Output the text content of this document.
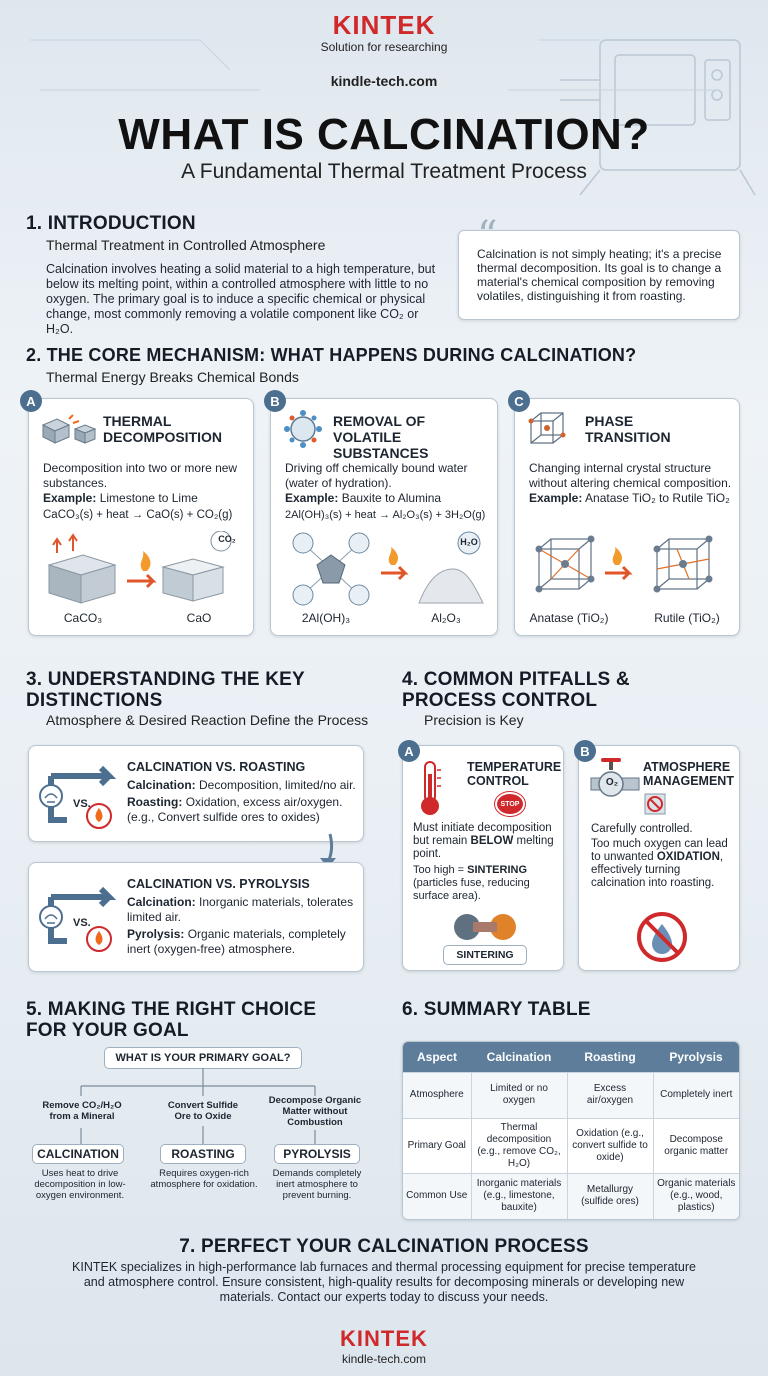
KINTEK
Solution for researching
kindle-tech.com
WHAT IS CALCINATION?
A Fundamental Thermal Treatment Process
1. INTRODUCTION
Thermal Treatment in Controlled Atmosphere
Calcination involves heating a solid material to a high temperature, but below its melting point, within a controlled atmosphere with little to no oxygen. The primary goal is to induce a specific chemical or physical change, most commonly removing a volatile component like CO₂ or H₂O.
“
Calcination is not simply heating; it's a precise thermal decomposition. Its goal is to change a material's chemical composition by removing volatiles, distinguishing it from roasting.
2. THE CORE MECHANISM: WHAT HAPPENS DURING CALCINATION?
Thermal Energy Breaks Chemical Bonds
THERMAL DECOMPOSITION
Decomposition into two or more new substances.
Example: Limestone to Lime
CaCO₃(s) + heat → CaO(s) + CO₂(g)
CO₂
CaCO₃	CaO
A
REMOVAL OF VOLATILE SUBSTANCES
Driving off chemically bound water (water of hydration).
Example: Bauxite to Alumina
2Al(OH)₃(s) + heat → Al₂O₃(s) + 3H₂O(g)
H₂O
2Al(OH)₃	Al₂O₃
B
PHASE TRANSITION
Changing internal crystal structure without altering chemical composition.
Example: Anatase TiO₂ to Rutile TiO₂
Anatase (TiO₂)	Rutile (TiO₂)
C
3. UNDERSTANDING THE KEY DISTINCTIONS
Atmosphere & Desired Reaction Define the Process
VS.
CALCINATION VS. ROASTING
Calcination: Decomposition, limited/no air.
Roasting: Oxidation, excess air/oxygen. (e.g., Convert sulfide ores to oxides)
VS.
CALCINATION VS. PYROLYSIS
Calcination: Inorganic materials, tolerates limited air.
Pyrolysis: Organic materials, completely inert (oxygen-free) atmosphere.
4. COMMON PITFALLS & PROCESS CONTROL
Precision is Key
TEMPERATURE CONTROL
STOP
Must initiate decomposition but remain BELOW melting point.
Too high = SINTERING (particles fuse, reducing surface area).
SINTERING
A
O₂
ATMOSPHERE MANAGEMENT
Carefully controlled.
Too much oxygen can lead to unwanted OXIDATION, effectively turning calcination into roasting.
B
5. MAKING THE RIGHT CHOICE FOR YOUR GOAL
WHAT IS YOUR PRIMARY GOAL?
Remove CO₂/H₂O from a Mineral
Convert Sulfide Ore to Oxide
Decompose Organic Matter without Combustion
CALCINATION	ROASTING	PYROLYSIS
Uses heat to drive decomposition in low-oxygen environment.
Requires oxygen-rich atmosphere for oxidation.
Demands completely inert atmosphere to prevent burning.
6. SUMMARY TABLE
Aspect	Calcination	Roasting	Pyrolysis
Atmosphere	Limited or no oxygen	Excess air/oxygen	Completely inert
Primary Goal	Thermal decomposition (e.g., remove CO₂, H₂O)	Oxidation (e.g., convert sulfide to oxide)	Decompose organic matter
Common Use	Inorganic materials (e.g., limestone, bauxite)	Metallurgy (sulfide ores)	Organic materials (e.g., wood, plastics)
7. PERFECT YOUR CALCINATION PROCESS
KINTEK specializes in high-performance lab furnaces and thermal processing equipment for precise temperature and atmosphere control. Ensure consistent, high-quality results for decomposing minerals or developing new materials. Contact our experts today to discuss your needs.
KINTEK
kindle-tech.com
